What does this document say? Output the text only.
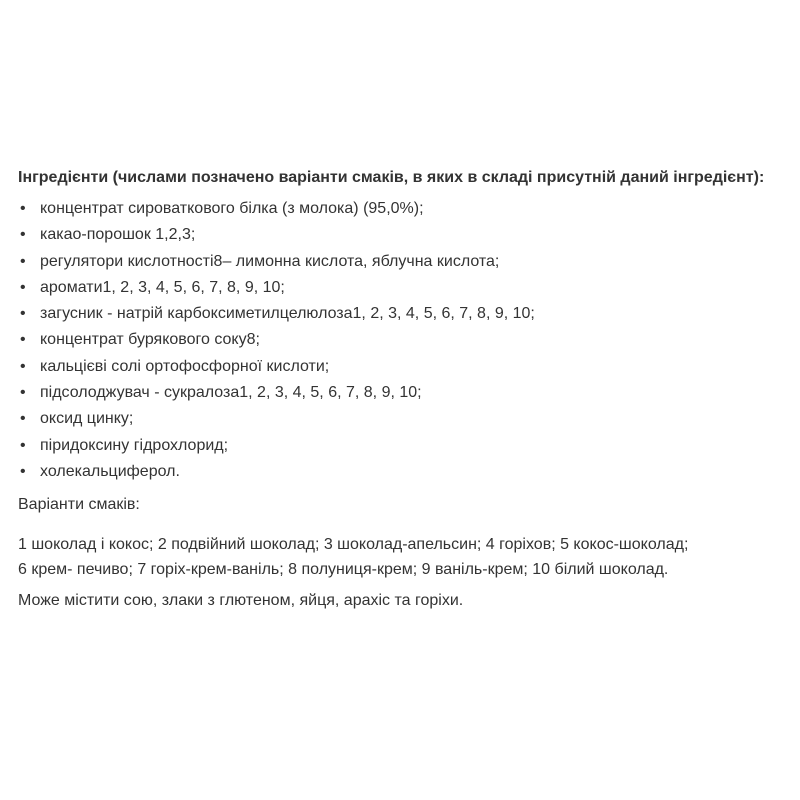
Інгредієнти (числами позначено варіанти смаків, в яких в складі присутній даний інгредієнт):
• концентрат сироваткового білка (з молока) (95,0%);
• какао-порошок 1,2,3;
• регулятори кислотності8– лимонна кислота, яблучна кислота;
• аромати1, 2, 3, 4, 5, 6, 7, 8, 9, 10;
• загусник - натрій карбоксиметилцелюлоза1, 2, 3, 4, 5, 6, 7, 8, 9, 10;
• концентрат бурякового соку8;
• кальцієві солі ортофосфорної кислоти;
• підсолоджувач - сукралоза1, 2, 3, 4, 5, 6, 7, 8, 9, 10;
• оксид цинку;
• піридоксину гідрохлорид;
• холекальциферол.
Варіанти смаків:
1 шоколад і кокос; 2 подвійний шоколад; 3 шоколад-апельсин; 4 горіхов; 5 кокос-шоколад;
6 крем- печиво; 7 горіх-крем-ваніль; 8 полуниця-крем; 9 ваніль-крем; 10 білий шоколад.
Може містити сою, злаки з глютеном, яйця, арахіс та горіхи.
